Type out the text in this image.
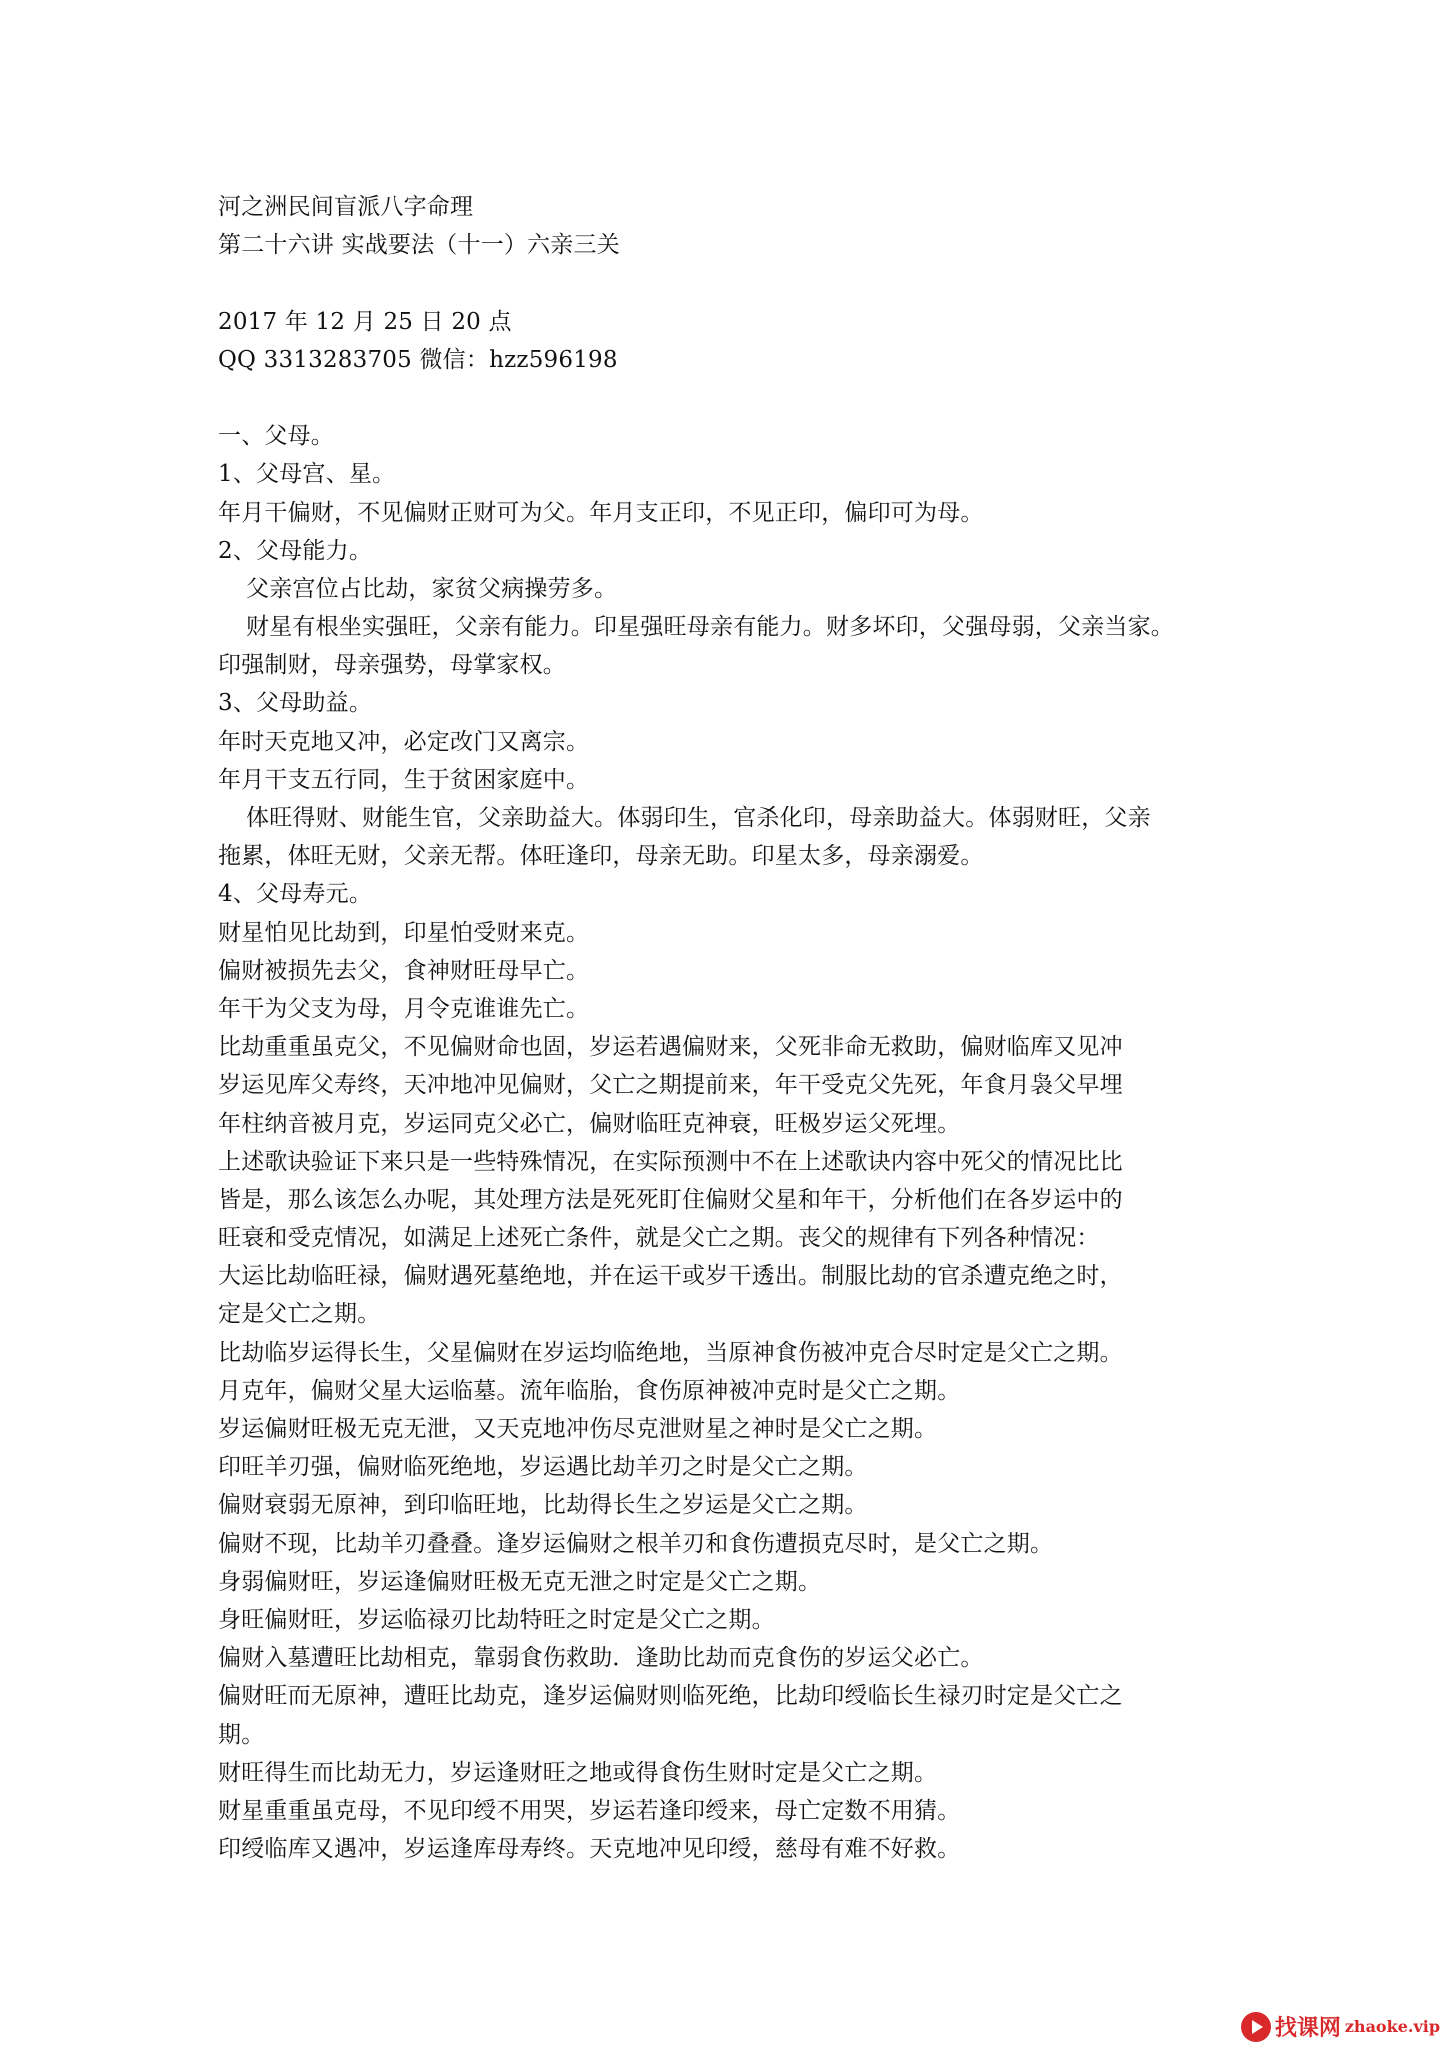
河之洲民间盲派八字命理
第二十六讲 实战要法（十一）六亲三关
2017 年 12 月 25 日 20 点
QQ 3313283705 微信：hzz596198
一、父母。
1、父母宫、星。
年月干偏财，不见偏财正财可为父。年月支正印，不见正印，偏印可为母。
2、父母能力。
父亲宫位占比劫，家贫父病操劳多。
财星有根坐实强旺，父亲有能力。印星强旺母亲有能力。财多坏印，父强母弱，父亲当家。
印强制财，母亲强势，母掌家权。
3、父母助益。
年时天克地又冲，必定改门又离宗。
年月干支五行同，生于贫困家庭中。
体旺得财、财能生官，父亲助益大。体弱印生，官杀化印，母亲助益大。体弱财旺，父亲
拖累，体旺无财，父亲无帮。体旺逢印，母亲无助。印星太多，母亲溺爱。
4、父母寿元。
财星怕见比劫到，印星怕受财来克。
偏财被损先去父，食神财旺母早亡。
年干为父支为母，月令克谁谁先亡。
比劫重重虽克父，不见偏财命也固，岁运若遇偏财来，父死非命无救助，偏财临库又见冲
岁运见库父寿终，天冲地冲见偏财，父亡之期提前来，年干受克父先死，年食月袅父早埋
年柱纳音被月克，岁运同克父必亡，偏财临旺克神衰，旺极岁运父死埋。
上述歌诀验证下来只是一些特殊情况，在实际预测中不在上述歌诀内容中死父的情况比比
皆是，那么该怎么办呢，其处理方法是死死盯住偏财父星和年干，分析他们在各岁运中的
旺衰和受克情况，如满足上述死亡条件，就是父亡之期。丧父的规律有下列各种情况：
大运比劫临旺禄，偏财遇死墓绝地，并在运干或岁干透出。制服比劫的官杀遭克绝之时，
定是父亡之期。
比劫临岁运得长生，父星偏财在岁运均临绝地，当原神食伤被冲克合尽时定是父亡之期。
月克年，偏财父星大运临墓。流年临胎，食伤原神被冲克时是父亡之期。
岁运偏财旺极无克无泄，又天克地冲伤尽克泄财星之神时是父亡之期。
印旺羊刃强，偏财临死绝地，岁运遇比劫羊刃之时是父亡之期。
偏财衰弱无原神，到印临旺地，比劫得长生之岁运是父亡之期。
偏财不现，比劫羊刃叠叠。逢岁运偏财之根羊刃和食伤遭损克尽时，是父亡之期。
身弱偏财旺，岁运逢偏财旺极无克无泄之时定是父亡之期。
身旺偏财旺，岁运临禄刃比劫特旺之时定是父亡之期。
偏财入墓遭旺比劫相克，靠弱食伤救助．逢助比劫而克食伤的岁运父必亡。
偏财旺而无原神，遭旺比劫克，逢岁运偏财则临死绝，比劫印绶临长生禄刃时定是父亡之
期。
财旺得生而比劫无力，岁运逢财旺之地或得食伤生财时定是父亡之期。
财星重重虽克母，不见印绶不用哭，岁运若逢印绶来，母亡定数不用猜。
印绶临库又遇冲，岁运逢库母寿终。天克地冲见印绶，慈母有难不好救。
找课网 zhaoke.vip
